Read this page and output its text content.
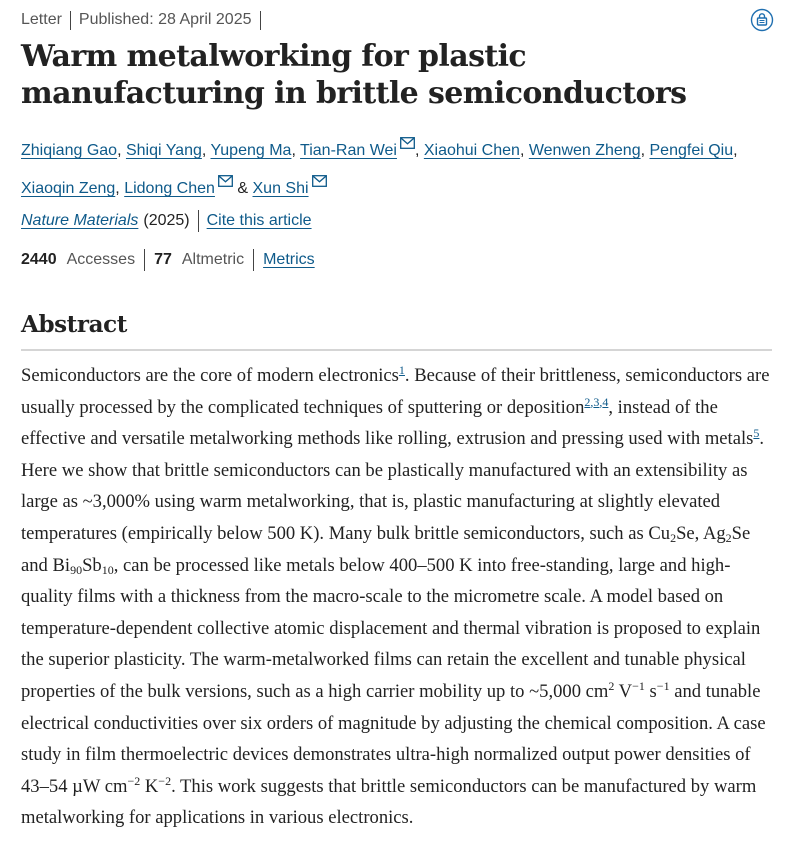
Letter Published: 28 April 2025
Warm metalworking for plastic manufacturing in brittle semiconductors
Zhiqiang Gao, Shiqi Yang, Yupeng Ma, Tian-Ran Wei , Xiaohui Chen, Wenwen Zheng, Pengfei Qiu,
Xiaoqin Zeng, Lidong Chen & Xun Shi
Nature Materials (2025) Cite this article
2440 Accesses 77 Altmetric Metrics
Abstract

Semiconductors are the core of modern electronics$^1$. Because of their brittleness, semiconductors are usually processed by the complicated techniques of sputtering or deposition$^{2,3,4}$, instead of the effective and versatile metalworking methods like rolling, extrusion and pressing used with metals$^5$. Here we show that brittle semiconductors can be plastically manufactured with an extensibility as large as ~3,000% using warm metalworking, that is, plastic manufacturing at slightly elevated temperatures (empirically below 500 K). Many bulk brittle semiconductors, such as $Cu_2Se$, $Ag_2Se$ and $Bi_{90}Sb_{10}$, can be processed like metals below 400–500 K into free-standing, large and high-quality films with a thickness from the macro-scale to the micrometre scale. A model based on temperature-dependent collective atomic displacement and thermal vibration is proposed to explain the superior plasticity. The warm-metalworked films can retain the excellent and tunable physical properties of the bulk versions, such as a high carrier mobility up to ~5,000 $cm^2$ $V^{-1}$ $s^{-1}$ and tunable electrical conductivities over six orders of magnitude by adjusting the chemical composition. A case study in film thermoelectric devices demonstrates ultra-high normalized output power densities of 43–54 µW $cm^{-2}$ $K^{-2}$. This work suggests that brittle semiconductors can be manufactured by warm metalworking for applications in various electronics.
